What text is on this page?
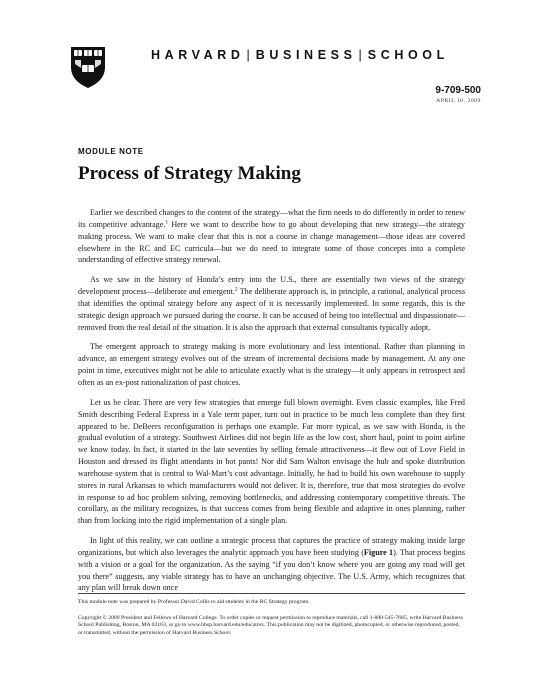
HARVARD | BUSINESS | SCHOOL
9-709-500
APRIL 10, 2009
MODULE NOTE
Process of Strategy Making

Earlier we described changes to the content of the strategy—what the firm needs to do differently in order to renew its competitive advantage.$^1$ Here we want to describe how to go about developing that new strategy—the strategy making process. We want to make clear that this is not a course in change management—those ideas are covered elsewhere in the RC and EC curricula—but we do need to integrate some of those concepts into a complete understanding of effective strategy renewal.

As we saw in the history of Honda’s entry into the U.S., there are essentially two views of the strategy development process—deliberate and emergent.$^2$ The deliberate approach is, in principle, a rational, analytical process that identifies the optimal strategy before any aspect of it is necessarily implemented. In some regards, this is the strategic design approach we pursued during the course. It can be accused of being too intellectual and dispassionate—removed from the real detail of the situation. It is also the approach that external consultants typically adopt.

The emergent approach to strategy making is more evolutionary and less intentional. Rather than planning in advance, an emergent strategy evolves out of the stream of incremental decisions made by management. At any one point in time, executives might not be able to articulate exactly what is the strategy—it only appears in retrospect and often as an ex-post rationalization of past choices.

Let us be clear. There are very few strategies that emerge full blown overnight. Even classic examples, like Fred Smith describing Federal Express in a Yale term paper, turn out in practice to be much less complete than they first appeared to be. DeBeers reconfiguration is perhaps one example. Far more typical, as we saw with Honda, is the gradual evolution of a strategy. Southwest Airlines did not begin life as the low cost, short haul, point to point airline we know today. In fact, it started in the late seventies by selling female attractiveness—it flew out of Love Field in Houston and dressed its flight attendants in hot pants! Nor did Sam Walton envisage the hub and spoke distribution warehouse system that is central to Wal-Mart’s cost advantage. Initially, he had to build his own warehouse to supply stores in rural Arkansas to which manufacturers would not deliver. It is, therefore, true that most strategies do evolve in response to ad hoc problem solving, removing bottlenecks, and addressing contemporary competitive threats. The corollary, as the military recognizes, is that success comes from being flexible and adaptive in ones planning, rather than from locking into the rigid implementation of a single plan.

In light of this reality, we can outline a strategic process that captures the practice of strategy making inside large organizations, but which also leverages the analytic approach you have been studying (Figure 1). That process begins with a vision or a goal for the organization. As the saying “if you don’t know where you are going any road will get you there” suggests, any viable strategy has to have an unchanging objective. The U.S. Army, which recognizes that any plan will break down once

This module note was prepared by Professor David Collis to aid students in the RC Strategy program.

Copyright © 2009 President and Fellows of Harvard College. To order copies or request permission to reproduce materials, call 1-800-545-7685, write Harvard Business School Publishing, Boston, MA 02163, or go to www.hbsp.harvard.edu/educators. This publication may not be digitized, photocopied, or otherwise reproduced, posted, or transmitted, without the permission of Harvard Business School.
